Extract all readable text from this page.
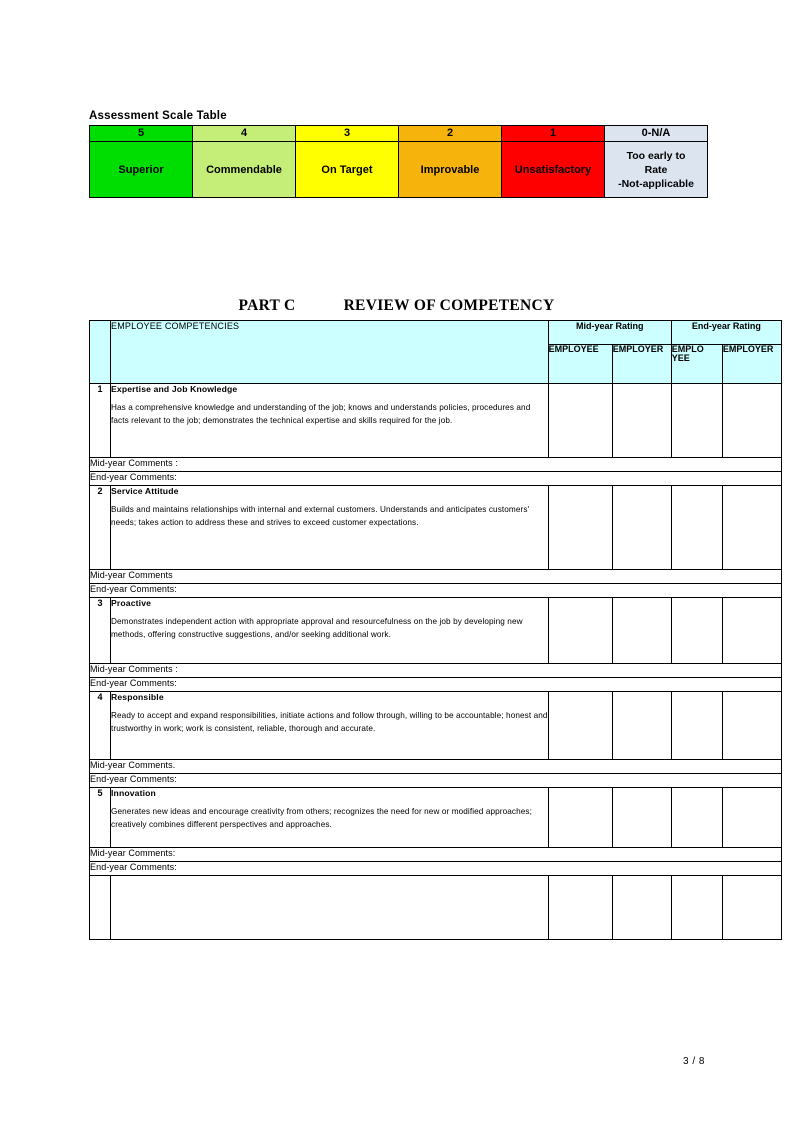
Assessment Scale Table
5	4	3	2	1	0-N/A
Superior	Commendable	On Target	Improvable	Unsatisfactory	Too early to
Rate
-Not-applicable
PART C	REVIEW OF COMPETENCY
	EMPLOYEE COMPETENCIES	Mid-year Rating		End-year Rating	
		EMPLOYEE	EMPLOYER	EMPLO YEE	EMPLOYER
1	Expertise and Job Knowledge
Has a comprehensive knowledge and understanding of the job; knows and understands policies, procedures and facts relevant to the job; demonstrates the technical expertise and skills required for the job.				

Mid-year Comments :					
End-year Comments:					
2	Service Attitude
Builds and maintains relationships with internal and external customers. Understands and anticipates customers' needs; takes action to address these and strives to exceed customer expectations.				

Mid-year Comments					
End-year Comments:					
3	Proactive
Demonstrates independent action with appropriate approval and resourcefulness on the job by developing new methods, offering constructive suggestions, and/or seeking additional work.				

Mid-year Comments :					
End-year Comments:					
4	Responsible
Ready to accept and expand responsibilities, initiate actions and follow through, willing to be accountable; honest and trustworthy in work; work is consistent, reliable, thorough and accurate.				

Mid-year Comments.					
End-year Comments:					
5	Innovation
Generates new ideas and encourage creativity from others; recognizes the need for new or modified approaches; creatively combines different perspectives and approaches.				

Mid-year Comments:					
End-year Comments:					

3 / 8
